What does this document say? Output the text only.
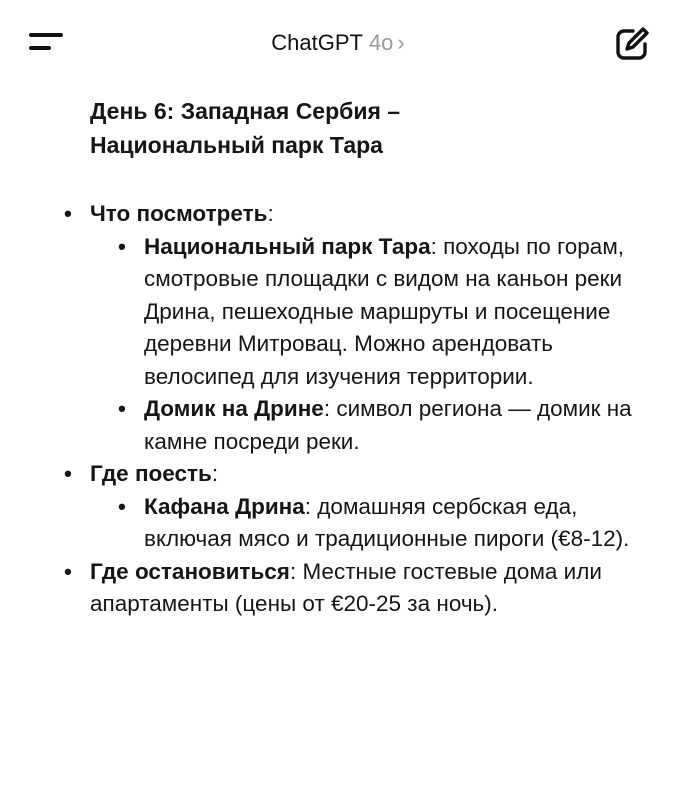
ChatGPT 4o ›
День 6: Западная Сербия –
Национальный парк Тара
• Что посмотреть:
• Национальный парк Тара: походы по горам, смотровые площадки с видом на каньон реки Дрина, пешеходные маршруты и посещение деревни Митровац. Можно арендовать велосипед для изучения территории.
• Домик на Дрине: символ региона — домик на камне посреди реки.
• Где поесть:
• Кафана Дрина: домашняя сербская еда, включая мясо и традиционные пироги (€8-12).
• Где остановиться: Местные гостевые дома или апартаменты (цены от €20-25 за ночь).
